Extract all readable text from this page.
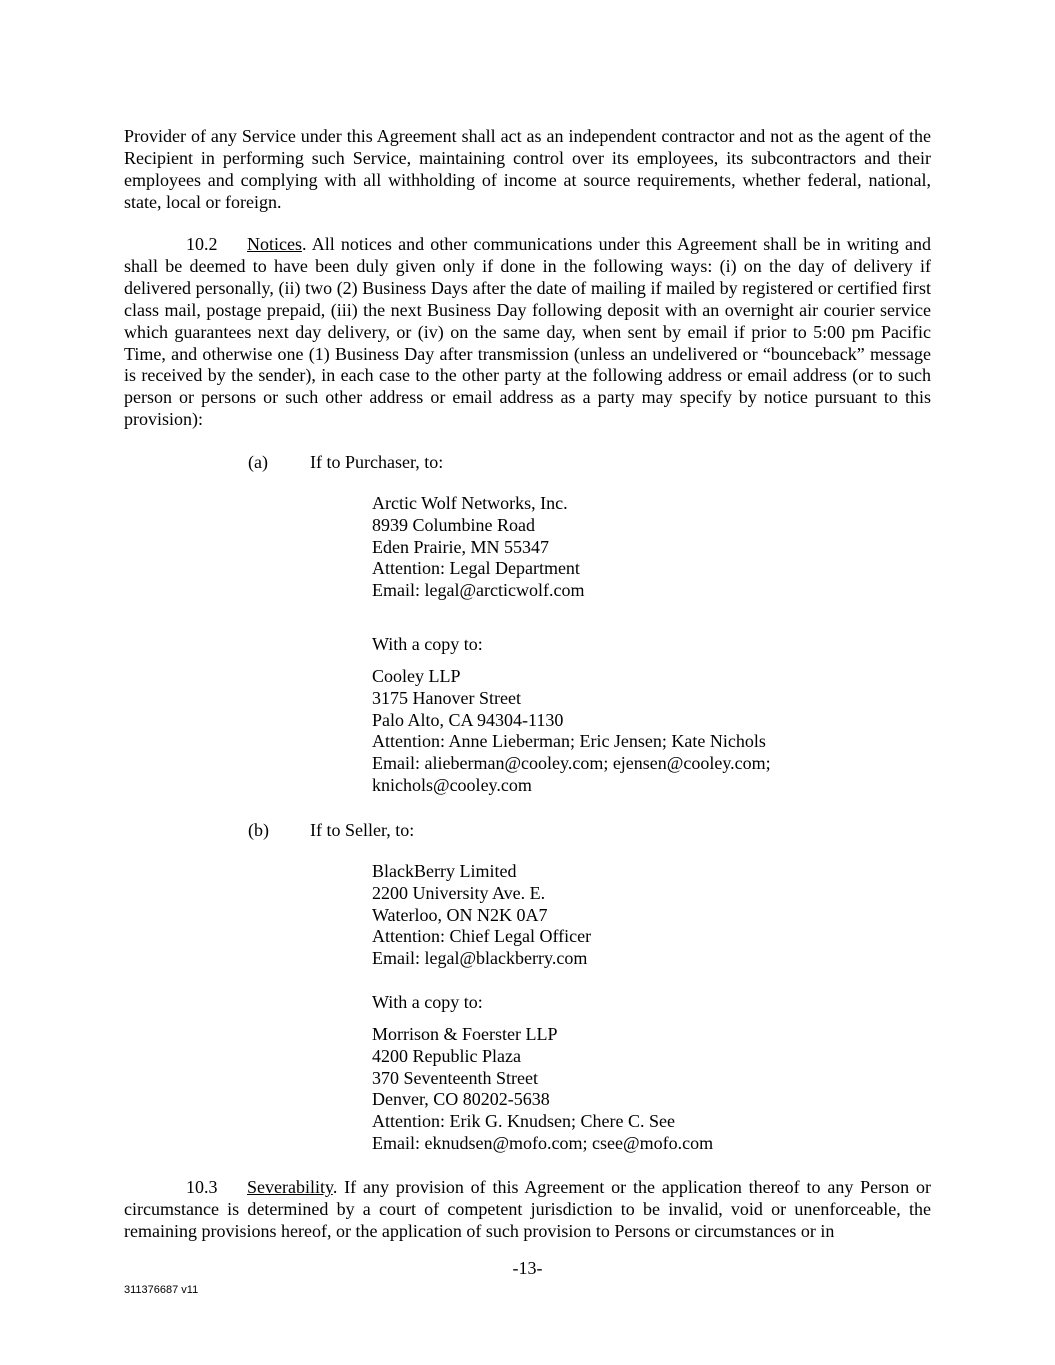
Provider of any Service under this Agreement shall act as an independent contractor and not as the agent of the Recipient in performing such Service, maintaining control over its employees, its subcontractors and their employees and complying with all withholding of income at source requirements, whether federal, national, state, local or foreign.

10.2 Notices. All notices and other communications under this Agreement shall be in writing and shall be deemed to have been duly given only if done in the following ways: (i) on the day of delivery if delivered personally, (ii) two (2) Business Days after the date of mailing if mailed by registered or certified first class mail, postage prepaid, (iii) the next Business Day following deposit with an overnight air courier service which guarantees next day delivery, or (iv) on the same day, when sent by email if prior to 5:00 pm Pacific Time, and otherwise one (1) Business Day after transmission (unless an undelivered or “bounceback” message is received by the sender), in each case to the other party at the following address or email address (or to such person or persons or such other address or email address as a party may specify by notice pursuant to this provision):

(a) If to Purchaser, to:
Arctic Wolf Networks, Inc.
8939 Columbine Road
Eden Prairie, MN 55347
Attention: Legal Department
Email: legal@arcticwolf.com
With a copy to:
Cooley LLP
3175 Hanover Street
Palo Alto, CA 94304-1130
Attention: Anne Lieberman; Eric Jensen; Kate Nichols
Email: alieberman@cooley.com; ejensen@cooley.com;
knichols@cooley.com
(b) If to Seller, to:
BlackBerry Limited
2200 University Ave. E.
Waterloo, ON N2K 0A7
Attention: Chief Legal Officer
Email: legal@blackberry.com
With a copy to:
Morrison & Foerster LLP
4200 Republic Plaza
370 Seventeenth Street
Denver, CO 80202-5638
Attention: Erik G. Knudsen; Chere C. See
Email: eknudsen@mofo.com; csee@mofo.com

10.3 Severability. If any provision of this Agreement or the application thereof to any Person or circumstance is determined by a court of competent jurisdiction to be invalid, void or unenforceable, the remaining provisions hereof, or the application of such provision to Persons or circumstances or in

-13-
311376687 v11
